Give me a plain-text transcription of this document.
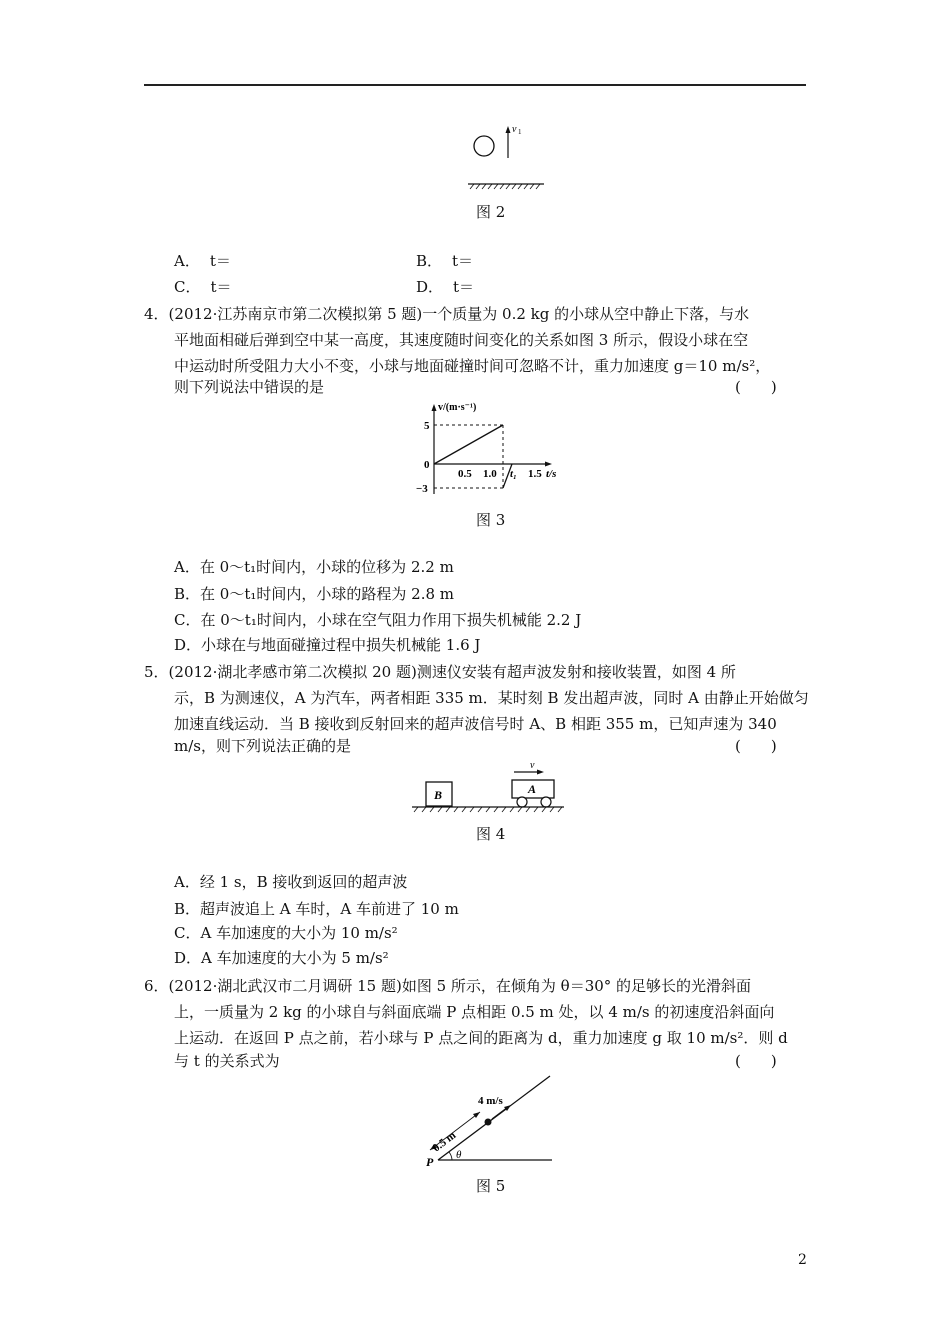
v 1
图 2
A． t＝	B． t＝
C． t＝	D． t＝
4．(2012·江苏南京市第二次模拟第 5 题)一个质量为 0.2 kg 的小球从空中静止下落，与水
平地面相碰后弹到空中某一高度，其速度随时间变化的关系如图 3 所示，假设小球在空
中运动时所受阻力大小不变，小球与地面碰撞时间可忽略不计，重力加速度 g＝10 m/s²，
则下列说法中错误的是	(　　)
v/(m·s⁻¹)
5
0
−3
0.5 1.0 t₁ 1.5 t/s
图 3
A．在 0～t₁时间内，小球的位移为 2.2 m
B．在 0～t₁时间内，小球的路程为 2.8 m
C．在 0～t₁时间内，小球在空气阻力作用下损失机械能 2.2 J
D．小球在与地面碰撞过程中损失机械能 1.6 J
5．(2012·湖北孝感市第二次模拟 20 题)测速仪安装有超声波发射和接收装置，如图 4 所
示，B 为测速仪，A 为汽车，两者相距 335 m．某时刻 B 发出超声波，同时 A 由静止开始做匀
加速直线运动．当 B 接收到反射回来的超声波信号时 A、B 相距 355 m，已知声速为 340
m/s，则下列说法正确的是	(　　)
B	A
v
图 4
A．经 1 s，B 接收到返回的超声波
B．超声波追上 A 车时，A 车前进了 10 m
C．A 车加速度的大小为 10 m/s²
D．A 车加速度的大小为 5 m/s²
6．(2012·湖北武汉市二月调研 15 题)如图 5 所示，在倾角为 θ＝30° 的足够长的光滑斜面
上，一质量为 2 kg 的小球自与斜面底端 P 点相距 0.5 m 处，以 4 m/s 的初速度沿斜面向
上运动．在返回 P 点之前，若小球与 P 点之间的距离为 d，重力加速度 g 取 10 m/s²．则 d
与 t 的关系式为	(　　)
4 m/s
0.5 m
P θ
图 5
2
